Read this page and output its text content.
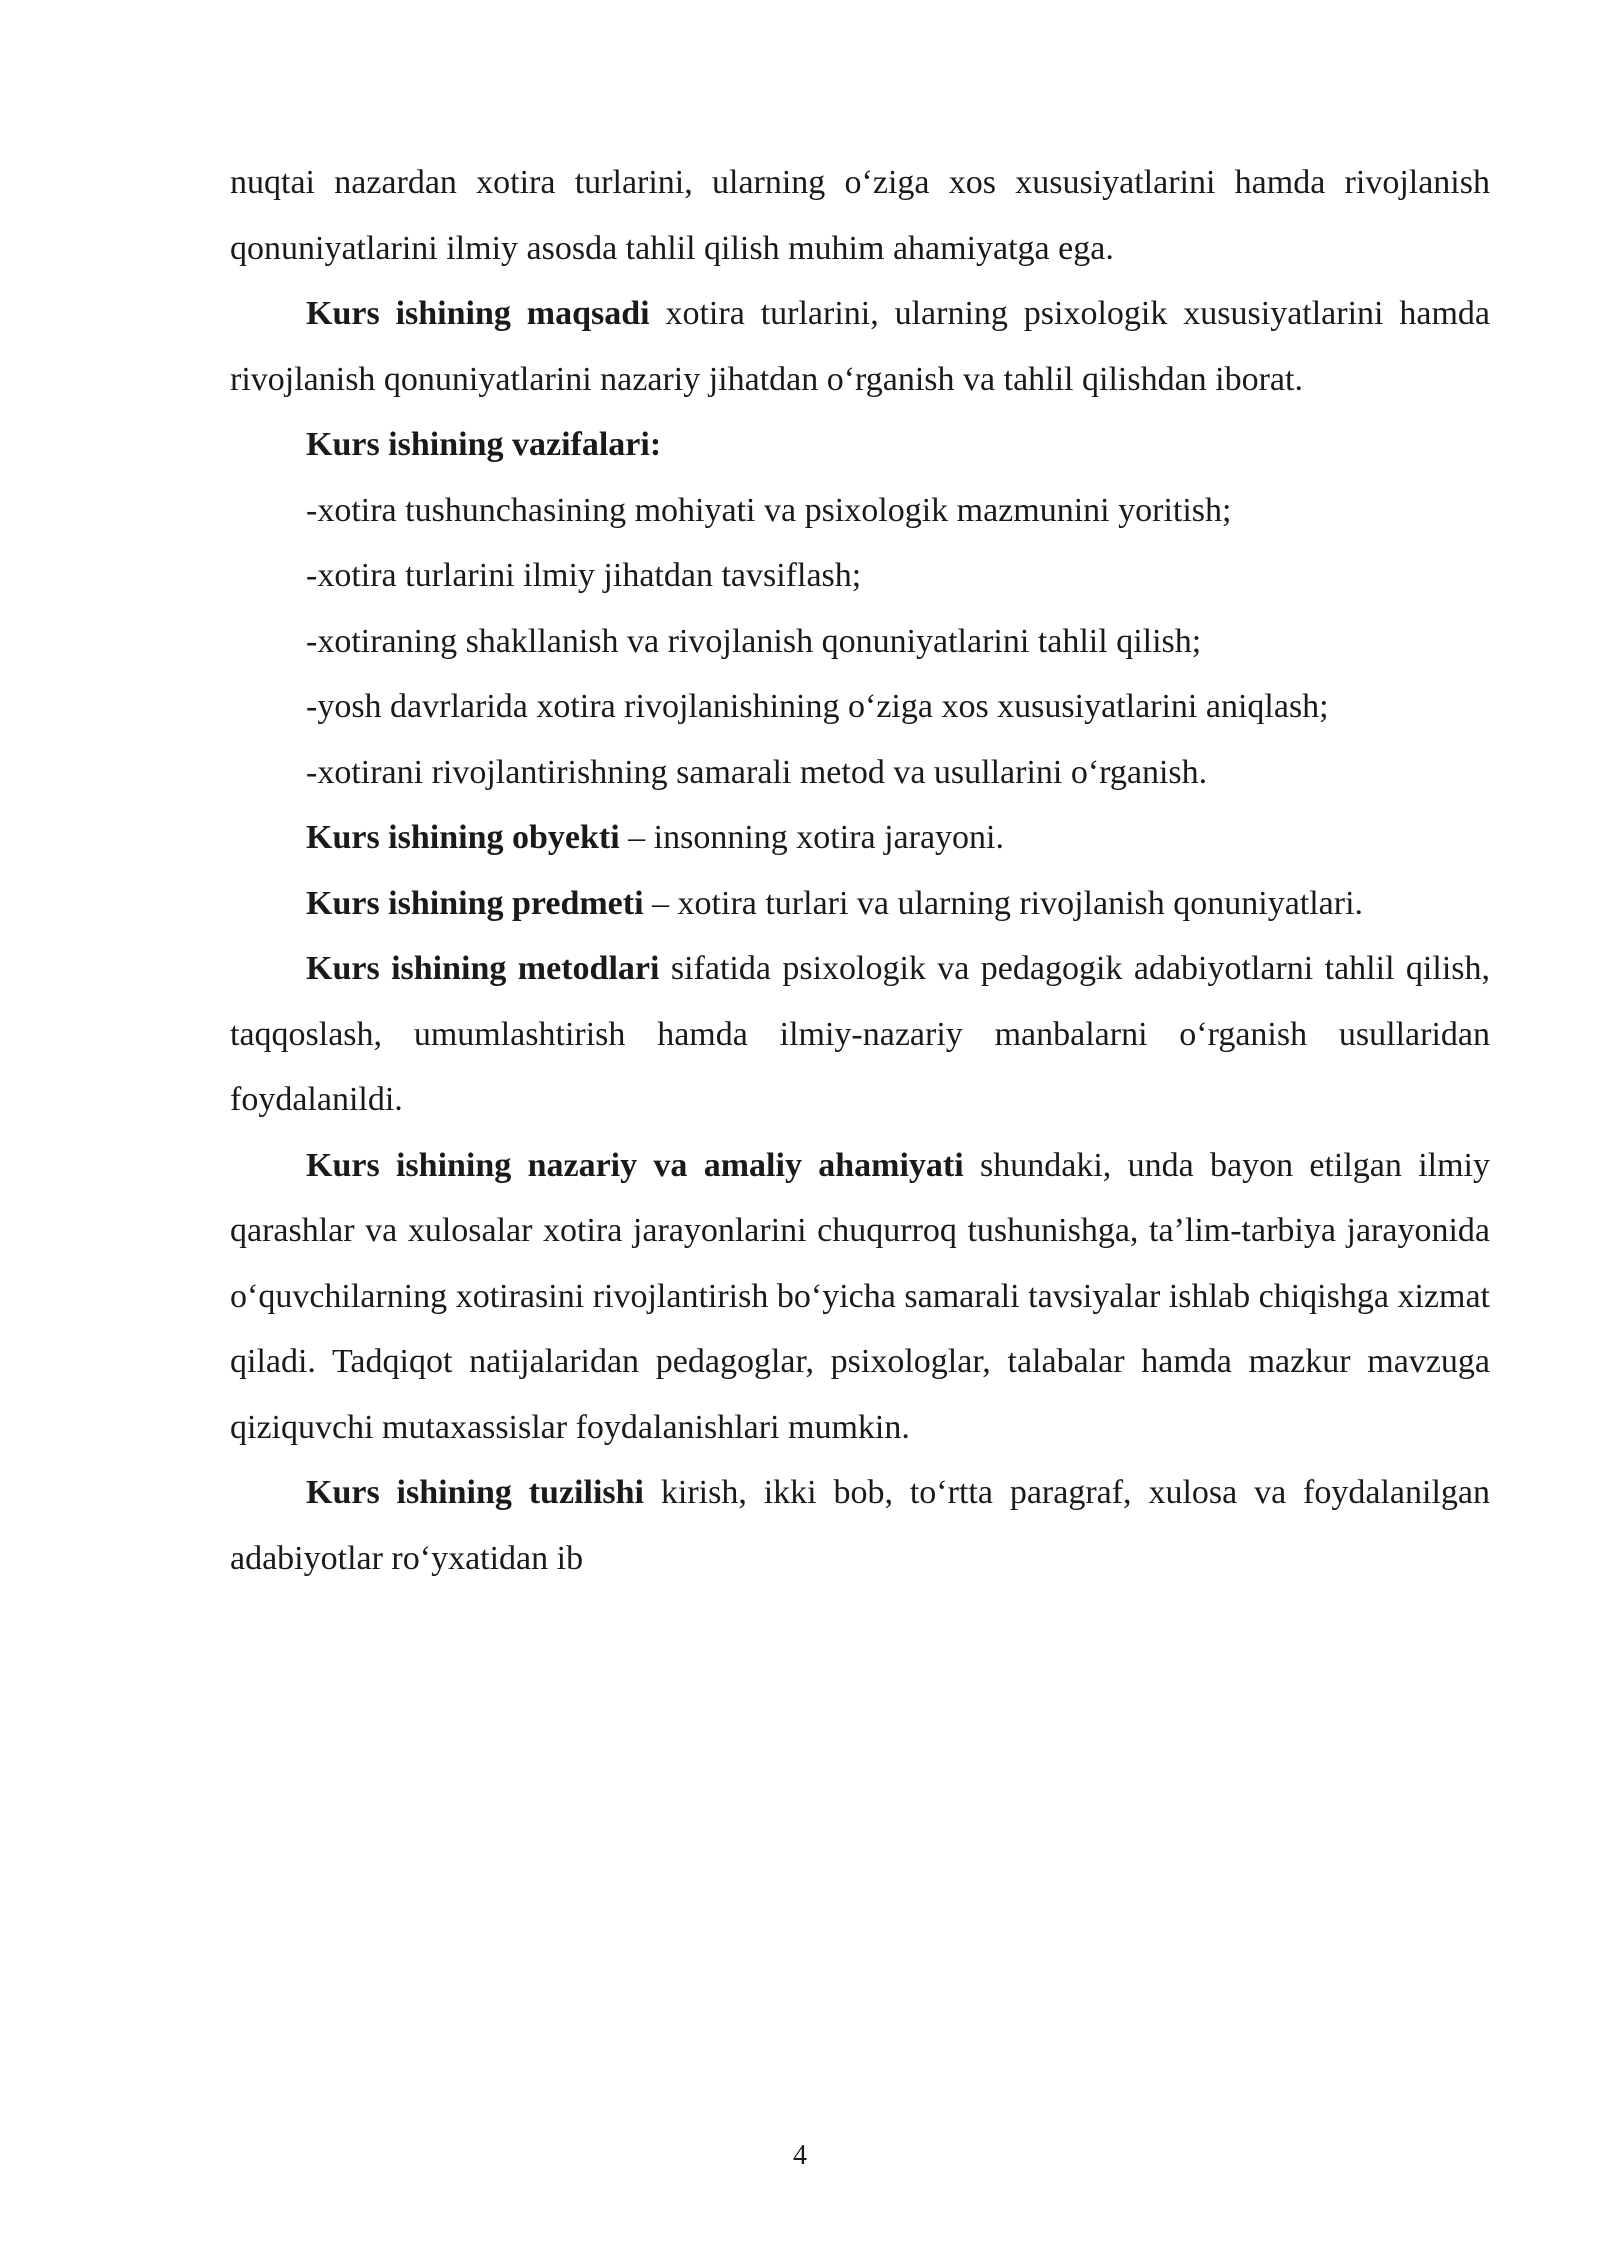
nuqtai nazardan xotira turlarini, ularning o‘ziga xos xususiyatlarini hamda rivojlanish qonuniyatlarini ilmiy asosda tahlil qilish muhim ahamiyatga ega.

Kurs ishining maqsadi xotira turlarini, ularning psixologik xususiyatlarini hamda rivojlanish qonuniyatlarini nazariy jihatdan o‘rganish va tahlil qilishdan iborat.

Kurs ishining vazifalari:

-xotira tushunchasining mohiyati va psixologik mazmunini yoritish;

-xotira turlarini ilmiy jihatdan tavsiflash;

-xotiraning shakllanish va rivojlanish qonuniyatlarini tahlil qilish;

-yosh davrlarida xotira rivojlanishining o‘ziga xos xususiyatlarini aniqlash;

-xotirani rivojlantirishning samarali metod va usullarini o‘rganish.

Kurs ishining obyekti – insonning xotira jarayoni.

Kurs ishining predmeti – xotira turlari va ularning rivojlanish qonuniyatlari.

Kurs ishining metodlari sifatida psixologik va pedagogik adabiyotlarni tahlil qilish, taqqoslash, umumlashtirish hamda ilmiy-nazariy manbalarni o‘rganish usullaridan foydalanildi.

Kurs ishining nazariy va amaliy ahamiyati shundaki, unda bayon etilgan ilmiy qarashlar va xulosalar xotira jarayonlarini chuqurroq tushunishga, ta’lim-tarbiya jarayonida o‘quvchilarning xotirasini rivojlantirish bo‘yicha samarali tavsiyalar ishlab chiqishga xizmat qiladi. Tadqiqot natijalaridan pedagoglar, psixologlar, talabalar hamda mazkur mavzuga qiziquvchi mutaxassislar foydalanishlari mumkin.

Kurs ishining tuzilishi kirish, ikki bob, to‘rtta paragraf, xulosa va foydalanilgan adabiyotlar ro‘yxatidan ib

4
